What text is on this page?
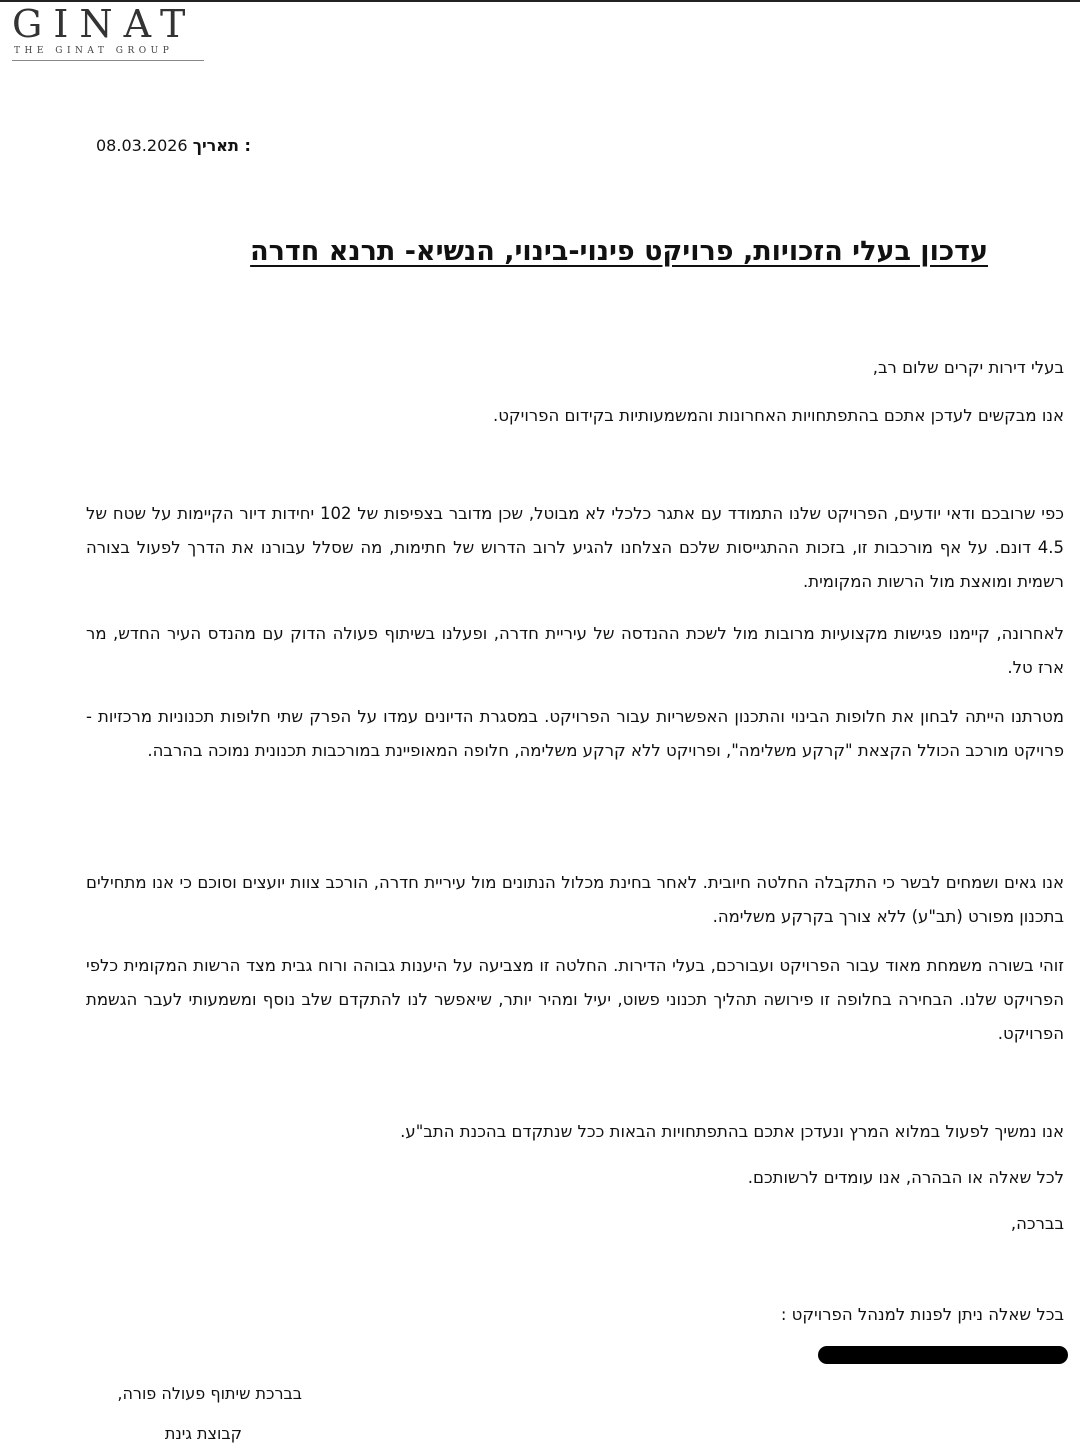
GINAT
THE GINAT GROUP
08.03.2026 תאריך :
עדכון בעלי הזכויות, פרויקט פינוי-בינוי, הנשיא- תרנא חדרה
בעלי דירות יקרים שלום רב,
אנו מבקשים לעדכן אתכם בהתפתחויות האחרונות והמשמעותיות בקידום הפרויקט.
כפי שרובכם ודאי יודעים, הפרויקט שלנו התמודד עם אתגר כלכלי לא מבוטל, שכן מדובר בצפיפות של 102 יחידות דיור הקיימות על שטח של 4.5 דונם. על אף מורכבות זו, בזכות ההתגייסות שלכם הצלחנו להגיע לרוב הדרוש של חתימות, מה שסלל עבורנו את הדרך לפעול בצורה רשמית ומואצת מול הרשות המקומית.
לאחרונה, קיימנו פגישות מקצועיות מרובות מול לשכת ההנדסה של עיריית חדרה, ופעלנו בשיתוף פעולה הדוק עם מהנדס העיר החדש, מר ארז טל.
מטרתנו הייתה לבחון את חלופות הבינוי והתכנון האפשריות עבור הפרויקט. במסגרת הדיונים עמדו על הפרק שתי חלופות תכנוניות מרכזיות - פרויקט מורכב הכולל הקצאת "קרקע משלימה", ופרויקט ללא קרקע משלימה, חלופה המאופיינת במורכבות תכנונית נמוכה בהרבה.
אנו גאים ושמחים לבשר כי התקבלה החלטה חיובית. לאחר בחינת מכלול הנתונים מול עיריית חדרה, הורכב צוות יועצים וסוכם כי אנו מתחילים בתכנון מפורט (תב"ע) ללא צורך בקרקע משלימה.
זוהי בשורה משמחת מאוד עבור הפרויקט ועבורכם, בעלי הדירות. החלטה זו מצביעה על היענות גבוהה ורוח גבית מצד הרשות המקומית כלפי הפרויקט שלנו. הבחירה בחלופה זו פירושה תהליך תכנוני פשוט, יעיל ומהיר יותר, שיאפשר לנו להתקדם שלב נוסף ומשמעותי לעבר הגשמת הפרויקט.
אנו נמשיך לפעול במלוא המרץ ונעדכן אתכם בהתפתחויות הבאות ככל שנתקדם בהכנת התב"ע.
לכל שאלה או הבהרה, אנו עומדים לרשותכם.
בברכה,
בכל שאלה ניתן לפנות למנהל הפרויקט :
בברכת שיתוף פעולה פורה,
קבוצת גינת
